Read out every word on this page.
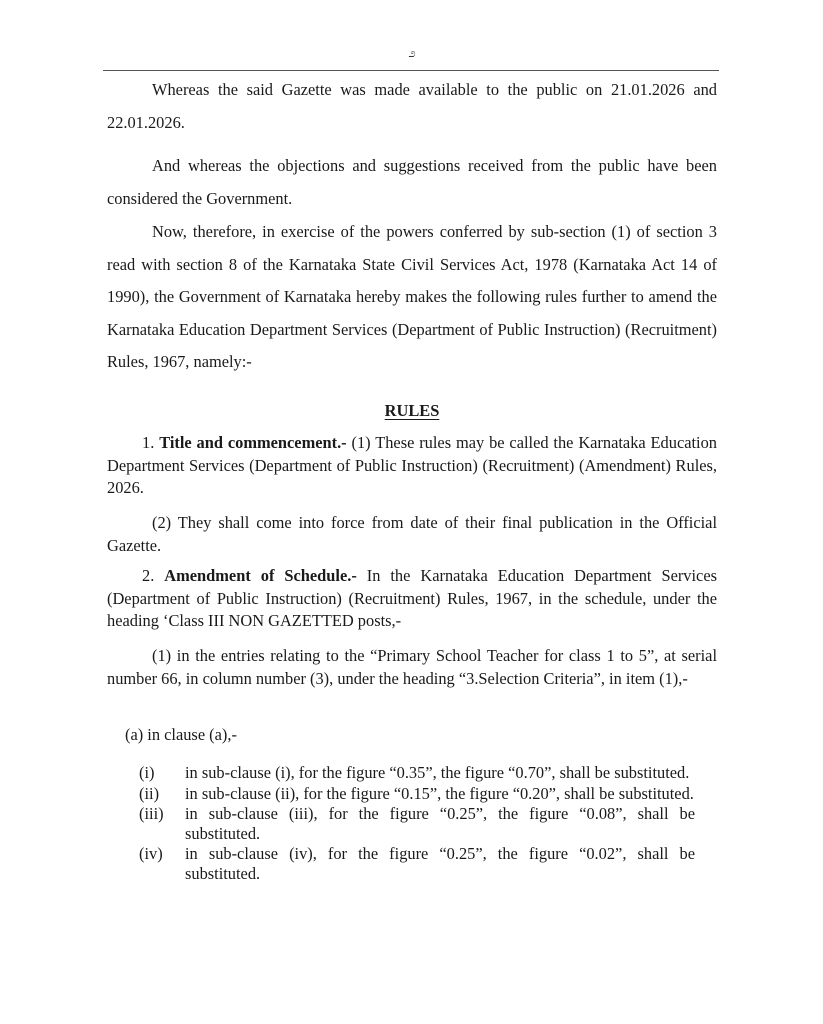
೨

Whereas the said Gazette was made available to the public on 21.01.2026 and 22.01.2026.

And whereas the objections and suggestions received from the public have been considered the Government.

Now, therefore, in exercise of the powers conferred by sub-section (1) of section 3 read with section 8 of the Karnataka State Civil Services Act, 1978 (Karnataka Act 14 of 1990), the Government of Karnataka hereby makes the following rules further to amend the Karnataka Education Department Services (Department of Public Instruction) (Recruitment) Rules, 1967, namely:-

RULES

1. Title and commencement.- (1) These rules may be called the Karnataka Education Department Services (Department of Public Instruction) (Recruitment) (Amendment) Rules, 2026.

(2) They shall come into force from date of their final publication in the Official Gazette.

2. Amendment of Schedule.- In the Karnataka Education Department Services (Department of Public Instruction) (Recruitment) Rules, 1967, in the schedule, under the heading ‘Class III NON GAZETTED posts,-

(1) in the entries relating to the “Primary School Teacher for class 1 to 5”, at serial number 66, in column number (3), under the heading “3.Selection Criteria”, in item (1),-

(a) in clause (a),-
(i)	in sub-clause (i), for the figure “0.35”, the figure “0.70”, shall be substituted.
(ii)	in sub-clause (ii), for the figure “0.15”, the figure “0.20”, shall be substituted.
(iii)	in sub-clause (iii), for the figure “0.25”, the figure “0.08”, shall be substituted.
(iv)	in sub-clause (iv), for the figure “0.25”, the figure “0.02”, shall be substituted.
